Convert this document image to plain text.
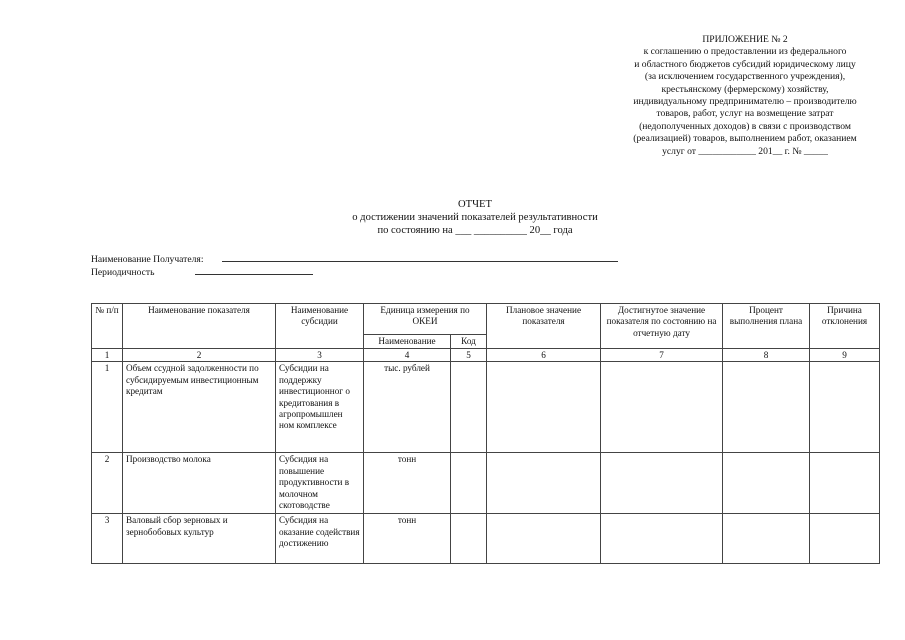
ПРИЛОЖЕНИЕ № 2
к соглашению о предоставлении из федерального
и областного бюджетов субсидий юридическому лицу
(за исключением государственного учреждения),
крестьянскому (фермерскому) хозяйству,
индивидуальному предпринимателю – производителю
товаров, работ, услуг на возмещение затрат
(недополученных доходов) в связи с производством
(реализацией) товаров, выполнением работ, оказанием
услуг от ____________ 201__ г. № _____
ОТЧЕТ
о достижении значений показателей результативности
по состоянию на ___ __________ 20__ года
Наименование Получателя:
Периодичность
№ п/п	Наименование показателя	Наименование субсидии	Единица измерения по ОКЕИ		Плановое значение показателя	Достигнутое значение показателя по состоянию на отчетную дату	Процент выполнения плана	Причина отклонения
			Наименование	Код				
1	2	3	4	5	6	7	8	9
1	Объем ссудной задолженности по субсидируемым инвестиционным кредитам	Субсидии на поддержку инвестиционног о кредитования в агропромышлен ном комплексе	тыс. рублей					
2	Производство молока	Субсидия на повышение продуктивности в молочном скотоводстве	тонн					
3	Валовый сбор зерновых и зернобобовых культур	Субсидия на оказание содействия достижению	тонн					
